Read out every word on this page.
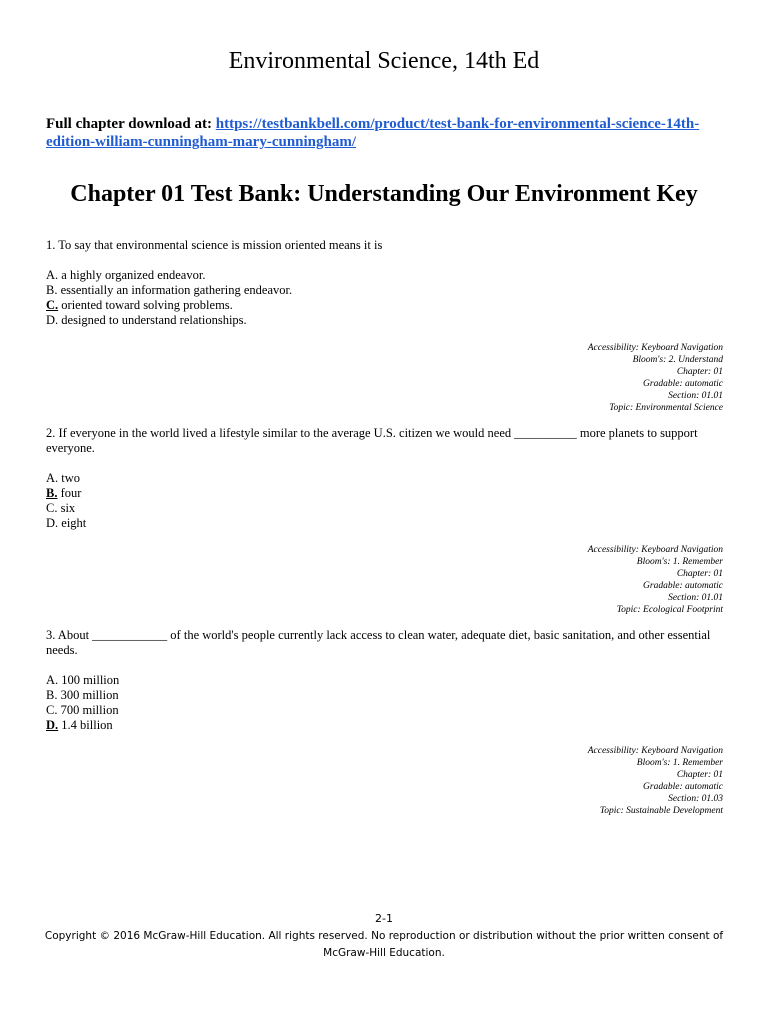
Environmental Science, 14th Ed
Full chapter download at: https://testbankbell.com/product/test-bank-for-environmental-science-14th-edition-william-cunningham-mary-cunningham/
Chapter 01 Test Bank: Understanding Our Environment Key

1. To say that environmental science is mission oriented means it is

A. a highly organized endeavor.
B. essentially an information gathering endeavor.
C. oriented toward solving problems.
D. designed to understand relationships.
Accessibility: Keyboard Navigation
Bloom's: 2. Understand
Chapter: 01
Gradable: automatic
Section: 01.01
Topic: Environmental Science

2. If everyone in the world lived a lifestyle similar to the average U.S. citizen we would need __________ more planets to support everyone.

A. two
B. four
C. six
D. eight
Accessibility: Keyboard Navigation
Bloom's: 1. Remember
Chapter: 01
Gradable: automatic
Section: 01.01
Topic: Ecological Footprint

3. About ____________ of the world's people currently lack access to clean water, adequate diet, basic sanitation, and other essential needs.

A. 100 million
B. 300 million
C. 700 million
D. 1.4 billion
Accessibility: Keyboard Navigation
Bloom's: 1. Remember
Chapter: 01
Gradable: automatic
Section: 01.03
Topic: Sustainable Development
2-1
Copyright © 2016 McGraw-Hill Education. All rights reserved. No reproduction or distribution without the prior written consent of
McGraw-Hill Education.
